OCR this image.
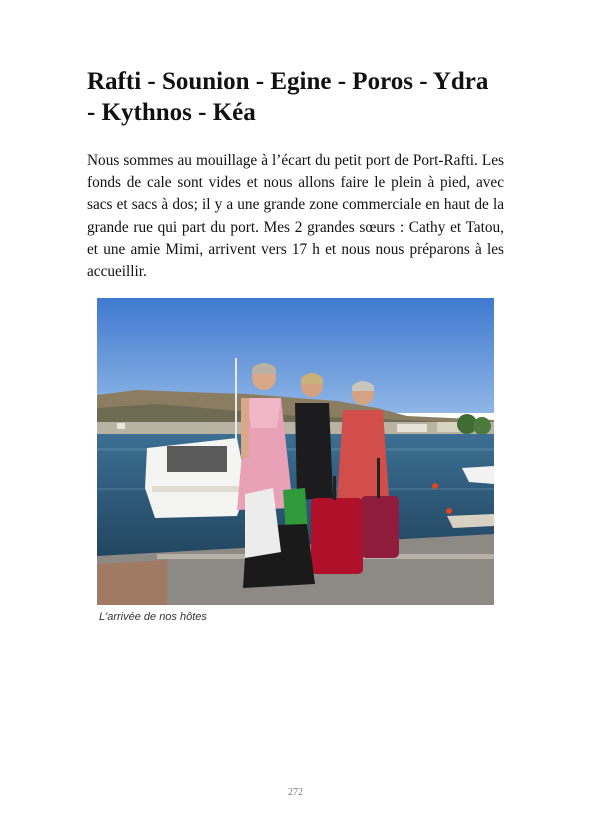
Rafti - Sounion - Egine - Poros - Ydra
- Kythnos - Kéa

Nous sommes au mouillage à l’écart du petit port de Port-Rafti. Les fonds de cale sont vides et nous allons faire le plein à pied, avec sacs et sacs à dos; il y a une grande zone commerciale en haut de la grande rue qui part du port. Mes 2 grandes sœurs : Cathy et Tatou, et une amie Mimi, arrivent vers 17 h et nous nous préparons à les accueillir.

L'arrivée de nos hôtes
272
